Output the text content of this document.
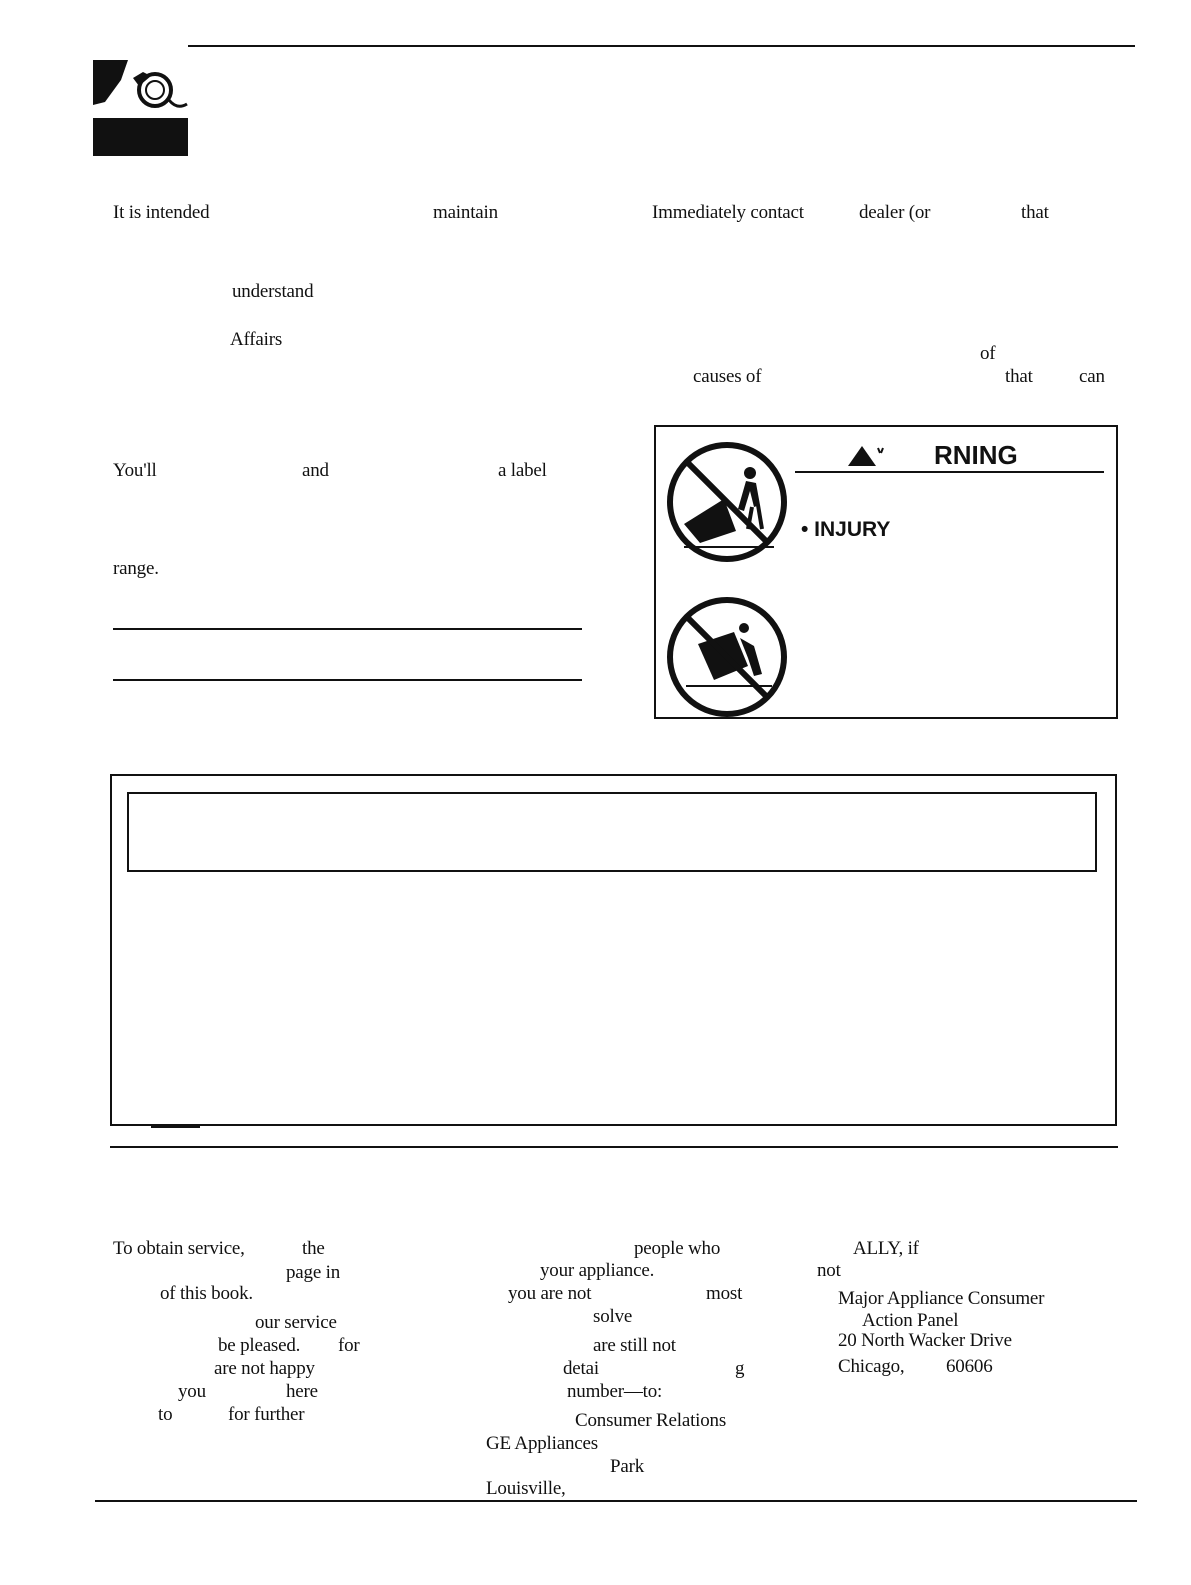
It is intended	maintain
understand
Affairs
You'll	and	a label
range.
Immediately contact	dealer (or	that
of
causes of	that can
RNING
• INJURY
To obtain service,	the
page in
of this book.
our service
be pleased. for
are not happy
you	here
to	for further
people who
your appliance.
you are not	most
solve
are still not
detai	g
number—to:
Consumer Relations
GE Appliances
Park
Louisville,
ALLY, if
not
Major Appliance Consumer
Action Panel
20 North Wacker Drive
Chicago, 60606
